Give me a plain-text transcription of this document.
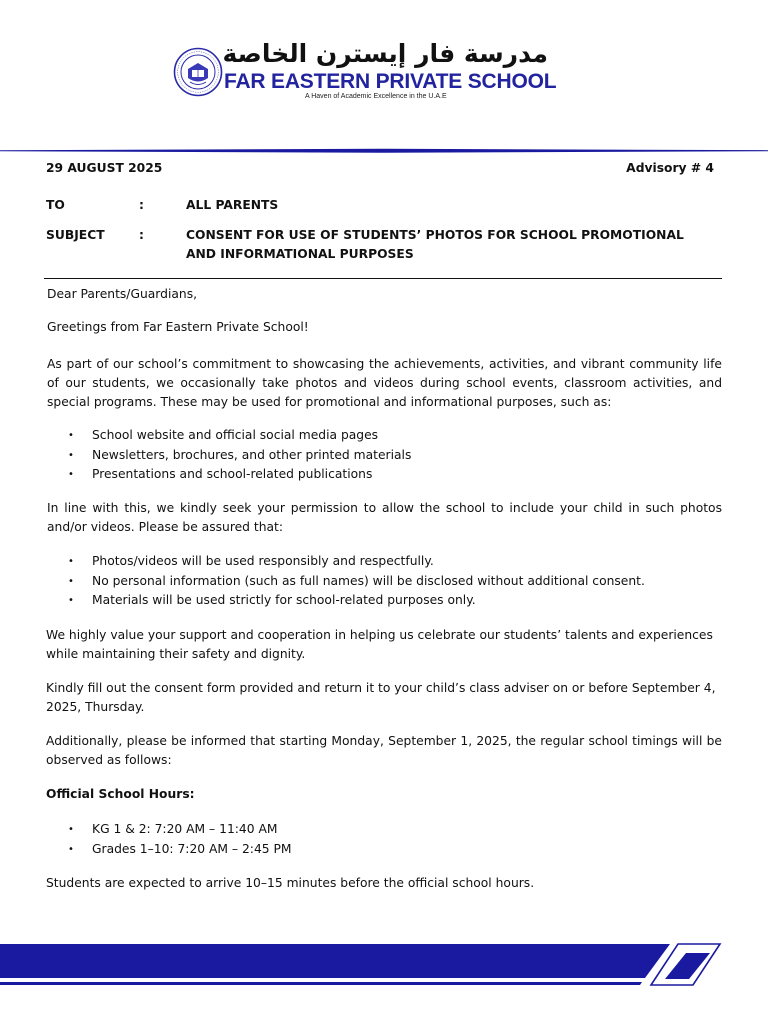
مدرسة فار إيسترن الخاصة
FAR EASTERN PRIVATE SCHOOL
A Haven of Academic Excellence in the U.A.E
29 AUGUST 2025	Advisory # 4
TO	:	ALL PARENTS
SUBJECT	:	CONSENT FOR USE OF STUDENTS’ PHOTOS FOR SCHOOL PROMOTIONAL AND INFORMATIONAL PURPOSES
Dear Parents/Guardians,
Greetings from Far Eastern Private School!
As part of our school’s commitment to showcasing the achievements, activities, and vibrant community life of our students, we occasionally take photos and videos during school events, classroom activities, and special programs. These may be used for promotional and informational purposes, such as:
• School website and official social media pages
• Newsletters, brochures, and other printed materials
• Presentations and school-related publications
In line with this, we kindly seek your permission to allow the school to include your child in such photos and/or videos. Please be assured that:
• Photos/videos will be used responsibly and respectfully.
• No personal information (such as full names) will be disclosed without additional consent.
• Materials will be used strictly for school-related purposes only.
We highly value your support and cooperation in helping us celebrate our students’ talents and experiences while maintaining their safety and dignity.
Kindly fill out the consent form provided and return it to your child’s class adviser on or before September 4, 2025, Thursday.
Additionally, please be informed that starting Monday, September 1, 2025, the regular school timings will be observed as follows:
Official School Hours:
• KG 1 & 2: 7:20 AM – 11:40 AM
• Grades 1–10: 7:20 AM – 2:45 PM
Students are expected to arrive 10–15 minutes before the official school hours.
